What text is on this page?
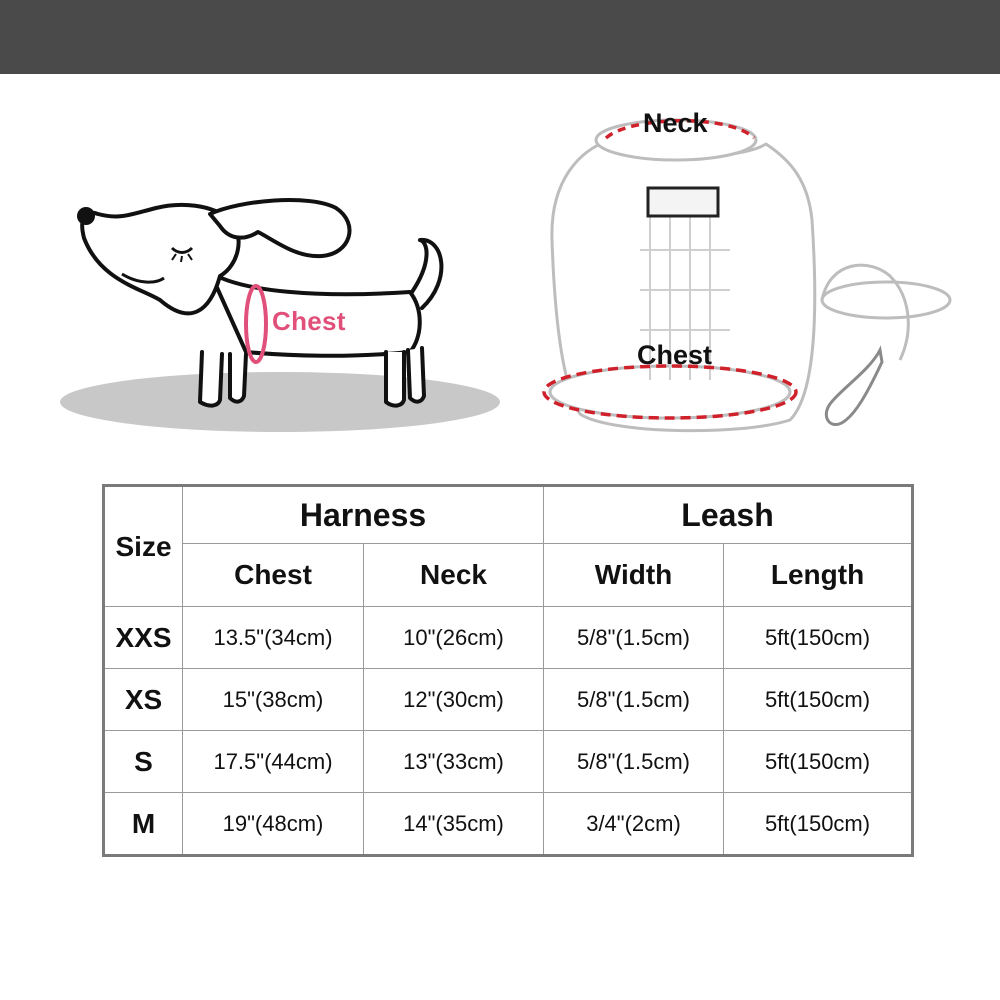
Chest
Neck
Chest
Size	Harness		Leash	
	Chest	Neck	Width	Length
XXS	13.5"(34cm)	10"(26cm)	5/8"(1.5cm)	5ft(150cm)
XS	15"(38cm)	12"(30cm)	5/8"(1.5cm)	5ft(150cm)
S	17.5"(44cm)	13"(33cm)	5/8"(1.5cm)	5ft(150cm)
M	19"(48cm)	14"(35cm)	3/4"(2cm)	5ft(150cm)
